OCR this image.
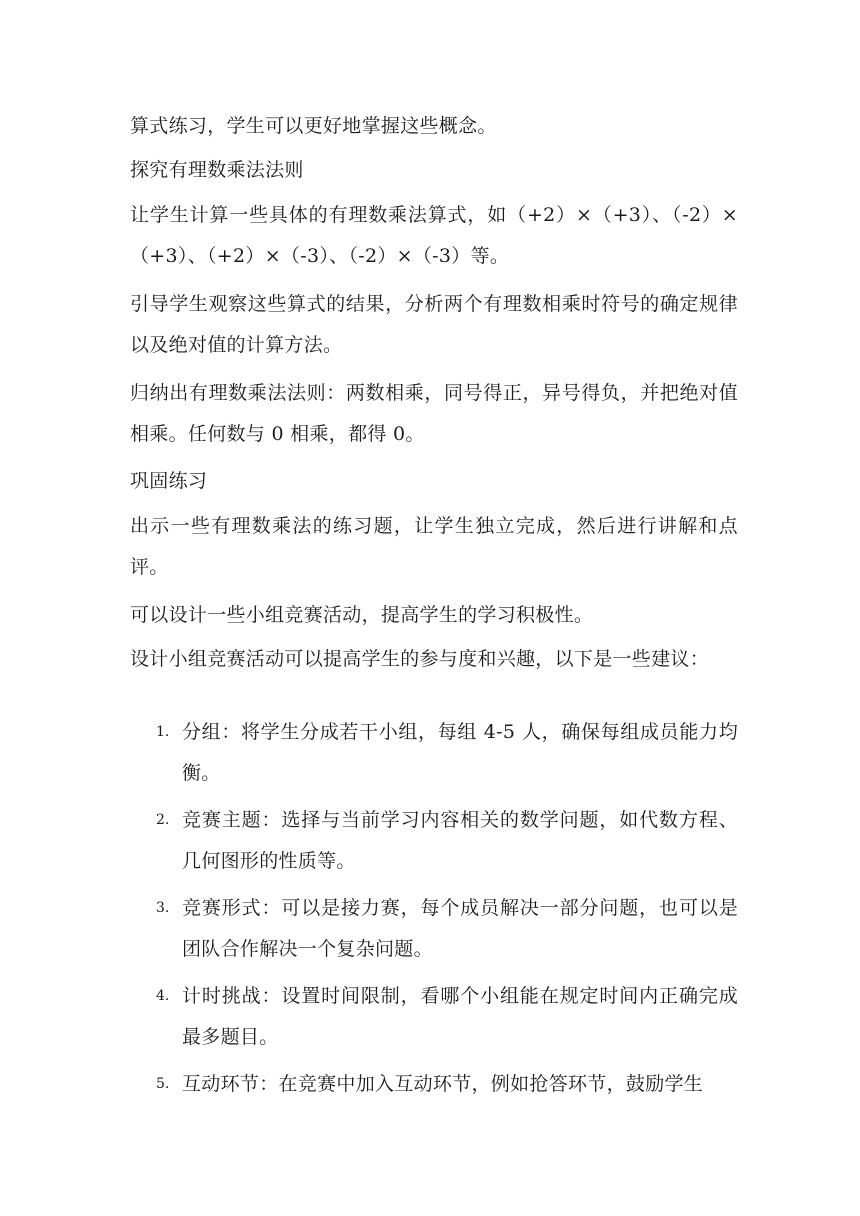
算式练习，学生可以更好地掌握这些概念。
探究有理数乘法法则
让学生计算一些具体的有理数乘法算式，如（+2）×（+3）、（-2）×（+3）、（+2）×（-3）、（-2）×（-3）等。
引导学生观察这些算式的结果，分析两个有理数相乘时符号的确定规律以及绝对值的计算方法。
归纳出有理数乘法法则：两数相乘，同号得正，异号得负，并把绝对值相乘。任何数与 0 相乘，都得 0。
巩固练习
出示一些有理数乘法的练习题，让学生独立完成，然后进行讲解和点评。
可以设计一些小组竞赛活动，提高学生的学习积极性。
设计小组竞赛活动可以提高学生的参与度和兴趣，以下是一些建议：
1. 分组：将学生分成若干小组，每组 4-5 人，确保每组成员能力均衡。
2. 竞赛主题：选择与当前学习内容相关的数学问题，如代数方程、几何图形的性质等。
3. 竞赛形式：可以是接力赛，每个成员解决一部分问题，也可以是团队合作解决一个复杂问题。
4. 计时挑战：设置时间限制，看哪个小组能在规定时间内正确完成最多题目。
5. 互动环节：在竞赛中加入互动环节，例如抢答环节，鼓励学生
